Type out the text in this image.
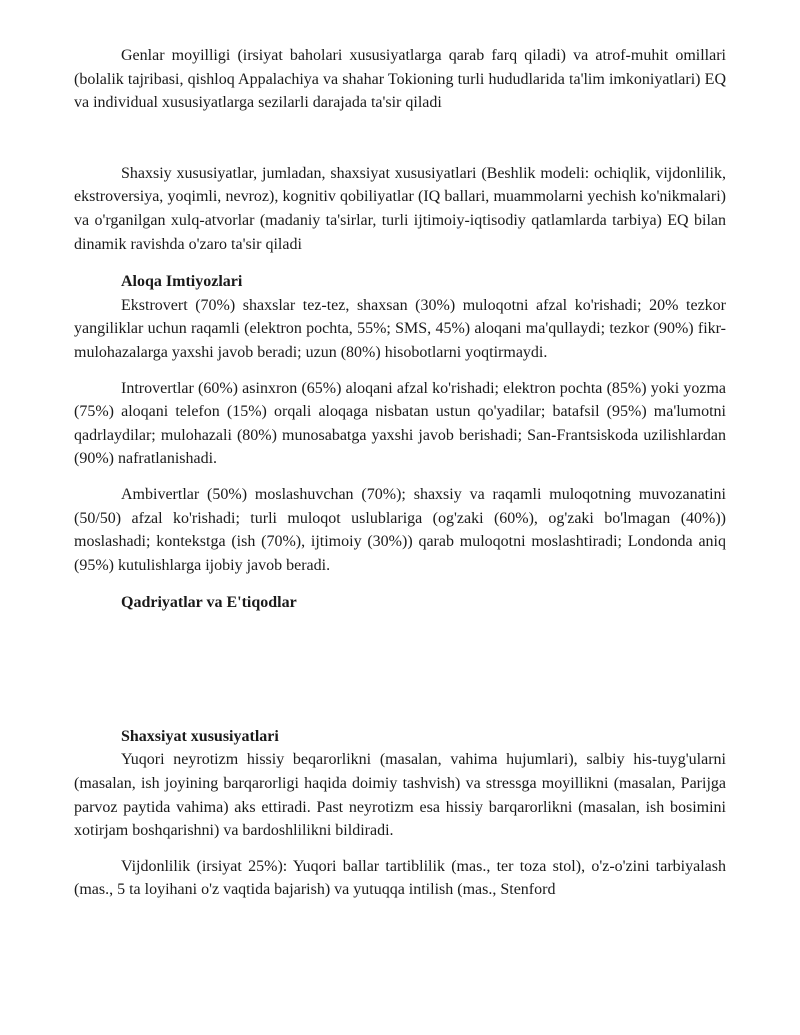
Genlar moyilligi (irsiyat baholari xususiyatlarga qarab farq qiladi) va atrof-muhit omillari (bolalik tajribasi, qishloq Appalachiya va shahar Tokioning turli hududlarida ta'lim imkoniyatlari) EQ va individual xususiyatlarga sezilarli darajada ta'sir qiladi

Shaxsiy xususiyatlar, jumladan, shaxsiyat xususiyatlari (Beshlik modeli: ochiqlik, vijdonlilik, ekstroversiya, yoqimli, nevroz), kognitiv qobiliyatlar (IQ ballari, muammolarni yechish ko'nikmalari) va o'rganilgan xulq-atvorlar (madaniy ta'sirlar, turli ijtimoiy-iqtisodiy qatlamlarda tarbiya) EQ bilan dinamik ravishda o'zaro ta'sir qiladi

Aloqa Imtiyozlari

Ekstrovert (70%) shaxslar tez-tez, shaxsan (30%) muloqotni afzal ko'rishadi; 20% tezkor yangiliklar uchun raqamli (elektron pochta, 55%; SMS, 45%) aloqani ma'qullaydi; tezkor (90%) fikr-mulohazalarga yaxshi javob beradi; uzun (80%) hisobotlarni yoqtirmaydi.

Introvertlar (60%) asinxron (65%) aloqani afzal ko'rishadi; elektron pochta (85%) yoki yozma (75%) aloqani telefon (15%) orqali aloqaga nisbatan ustun qo'yadilar; batafsil (95%) ma'lumotni qadrlaydilar; mulohazali (80%) munosabatga yaxshi javob berishadi; San-Frantsiskoda uzilishlardan (90%) nafratlanishadi.

Ambivertlar (50%) moslashuvchan (70%); shaxsiy va raqamli muloqotning muvozanatini (50/50) afzal ko'rishadi; turli muloqot uslublariga (og'zaki (60%), og'zaki bo'lmagan (40%)) moslashadi; kontekstga (ish (70%), ijtimoiy (30%)) qarab muloqotni moslashtiradi; Londonda aniq (95%) kutulishlarga ijobiy javob beradi.

Qadriyatlar va E'tiqodlar
Shaxsiyat xususiyatlari

Yuqori neyrotizm hissiy beqarorlikni (masalan, vahima hujumlari), salbiy his-tuyg'ularni (masalan, ish joyining barqarorligi haqida doimiy tashvish) va stressga moyillikni (masalan, Parijga parvoz paytida vahima) aks ettiradi. Past neyrotizm esa hissiy barqarorlikni (masalan, ish bosimini xotirjam boshqarishni) va bardoshlilikni bildiradi.

Vijdonlilik (irsiyat 25%): Yuqori ballar tartiblilik (mas., ter toza stol), o'z-o'zini tarbiyalash (mas., 5 ta loyihani o'z vaqtida bajarish) va yutuqqa intilish (mas., Stenford
